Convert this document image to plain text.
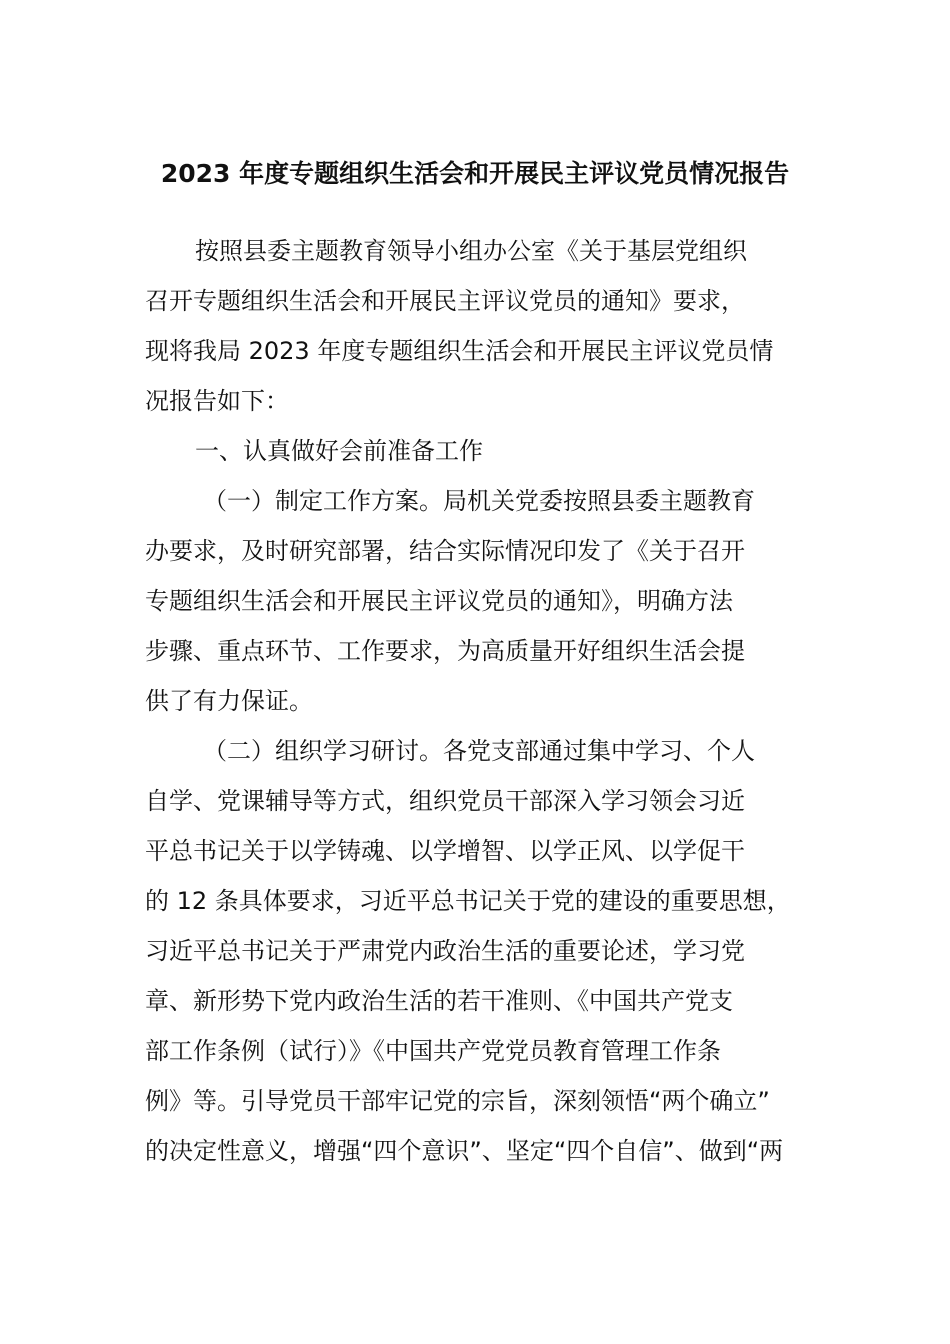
2023 年度专题组织生活会和开展民主评议党员情况报告
按照县委主题教育领导小组办公室《关于基层党组织
召开专题组织生活会和开展民主评议党员的通知》要求，
现将我局 2023 年度专题组织生活会和开展民主评议党员情
况报告如下：
一、认真做好会前准备工作
（一）制定工作方案。局机关党委按照县委主题教育
办要求，及时研究部署，结合实际情况印发了《关于召开
专题组织生活会和开展民主评议党员的通知》，明确方法
步骤、重点环节、工作要求，为高质量开好组织生活会提
供了有力保证。
（二）组织学习研讨。各党支部通过集中学习、个人
自学、党课辅导等方式，组织党员干部深入学习领会习近
平总书记关于以学铸魂、以学增智、以学正风、以学促干
的 12 条具体要求，习近平总书记关于党的建设的重要思想，
习近平总书记关于严肃党内政治生活的重要论述，学习党
章、新形势下党内政治生活的若干准则、《中国共产党支
部工作条例（试行）》《中国共产党党员教育管理工作条
例》等。引导党员干部牢记党的宗旨，深刻领悟“两个确立”
的决定性意义，增强“四个意识”、坚定“四个自信”、做到“两
